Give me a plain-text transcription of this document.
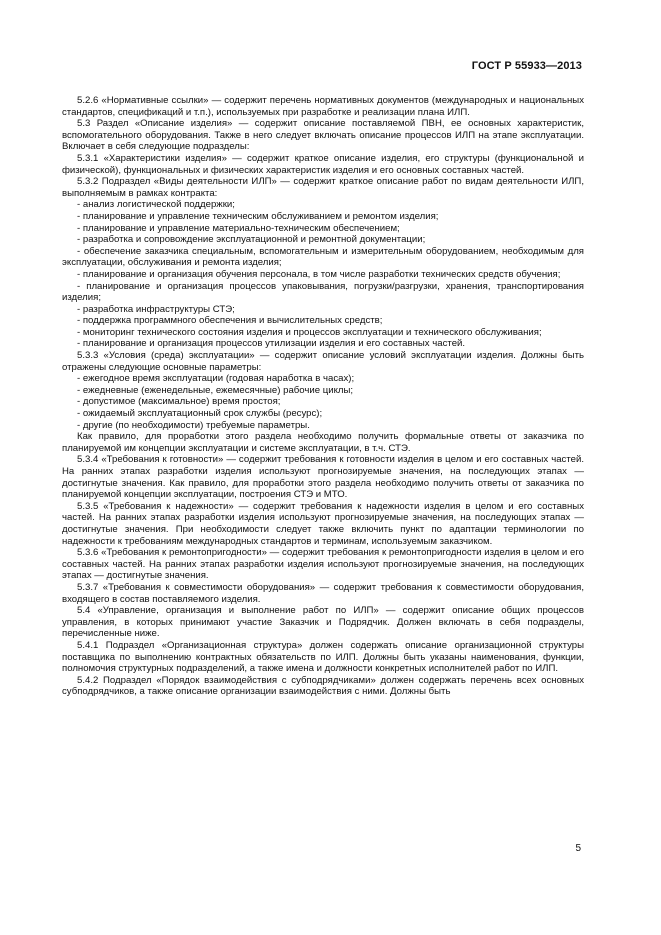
ГОСТ Р 55933—2013

5.2.6 «Нормативные ссылки» — содержит перечень нормативных документов (международных и национальных стандартов, спецификаций и т.п.), используемых при разработке и реализации плана ИЛП.

5.3 Раздел «Описание изделия» — содержит описание поставляемой ПВН, ее основных характеристик, вспомогательного оборудования. Также в него следует включать описание процессов ИЛП на этапе эксплуатации. Включает в себя следующие подразделы:

5.3.1 «Характеристики изделия» — содержит краткое описание изделия, его структуры (функциональной и физической), функциональных и физических характеристик изделия и его основных составных частей.

5.3.2 Подраздел «Виды деятельности ИЛП» — содержит краткое описание работ по видам деятельности ИЛП, выполняемым в рамках контракта:

- анализ логистической поддержки;

- планирование и управление техническим обслуживанием и ремонтом изделия;

- планирование и управление материально-техническим обеспечением;

- разработка и сопровождение эксплуатационной и ремонтной документации;

- обеспечение заказчика специальным, вспомогательным и измерительным оборудованием, необходимым для эксплуатации, обслуживания и ремонта изделия;

- планирование и организация обучения персонала, в том числе разработки технических средств обучения;

- планирование и организация процессов упаковывания, погрузки/разгрузки, хранения, транспортирования изделия;

- разработка инфраструктуры СТЭ;

- поддержка программного обеспечения и вычислительных средств;

- мониторинг технического состояния изделия и процессов эксплуатации и технического обслуживания;

- планирование и организация процессов утилизации изделия и его составных частей.

5.3.3 «Условия (среда) эксплуатации» — содержит описание условий эксплуатации изделия. Должны быть отражены следующие основные параметры:

- ежегодное время эксплуатации (годовая наработка в часах);

- ежедневные (еженедельные, ежемесячные) рабочие циклы;

- допустимое (максимальное) время простоя;

- ожидаемый эксплуатационный срок службы (ресурс);

- другие (по необходимости) требуемые параметры.

Как правило, для проработки этого раздела необходимо получить формальные ответы от заказчика по планируемой им концепции эксплуатации и системе эксплуатации, в т.ч. СТЭ.

5.3.4 «Требования к готовности» — содержит требования к готовности изделия в целом и его составных частей. На ранних этапах разработки изделия используют прогнозируемые значения, на последующих этапах — достигнутые значения. Как правило, для проработки этого раздела необходимо получить ответы от заказчика по планируемой концепции эксплуатации, построения СТЭ и МТО.

5.3.5 «Требования к надежности» — содержит требования к надежности изделия в целом и его составных частей. На ранних этапах разработки изделия используют прогнозируемые значения, на последующих этапах — достигнутые значения. При необходимости следует также включить пункт по адаптации терминологии по надежности к требованиям международных стандартов и терминам, используемым заказчиком.

5.3.6 «Требования к ремонтопригодности» — содержит требования к ремонтопригодности изделия в целом и его составных частей. На ранних этапах разработки изделия используют прогнозируемые значения, на последующих этапах — достигнутые значения.

5.3.7 «Требования к совместимости оборудования» — содержит требования к совместимости оборудования, входящего в состав поставляемого изделия.

5.4 «Управление, организация и выполнение работ по ИЛП» — содержит описание общих процессов управления, в которых принимают участие Заказчик и Подрядчик. Должен включать в себя подразделы, перечисленные ниже.

5.4.1 Подраздел «Организационная структура» должен содержать описание организационной структуры поставщика по выполнению контрактных обязательств по ИЛП. Должны быть указаны наименования, функции, полномочия структурных подразделений, а также имена и должности конкретных исполнителей работ по ИЛП.

5.4.2 Подраздел «Порядок взаимодействия с субподрядчиками» должен содержать перечень всех основных субподрядчиков, а также описание организации взаимодействия с ними. Должны быть

5
